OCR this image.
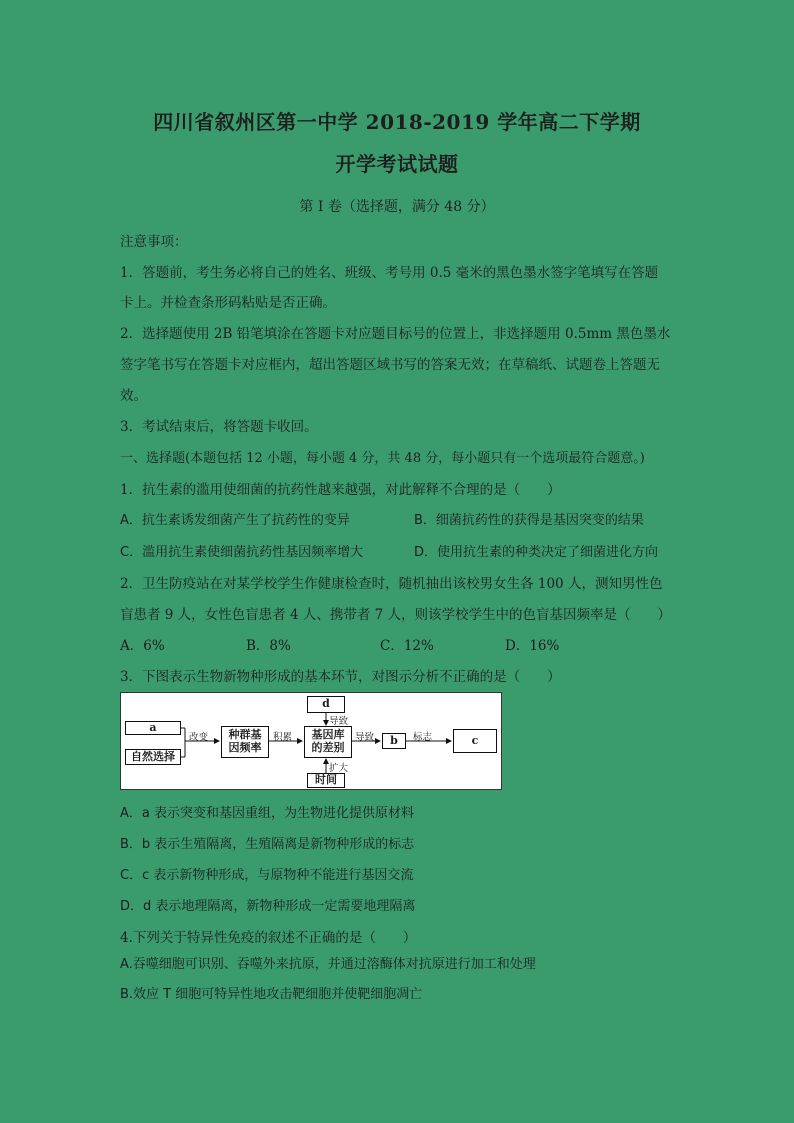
四川省叙州区第一中学 2018-2019 学年高二下学期
开学考试试题
第 I 卷（选择题，满分 48 分）
注意事项：
1．答题前，考生务必将自己的姓名、班级、考号用 0.5 毫米的黑色墨水签字笔填写在答题
卡上。并检查条形码粘贴是否正确。
2．选择题使用 2B 铅笔填涂在答题卡对应题目标号的位置上，非选择题用 0.5mm 黑色墨水
签字笔书写在答题卡对应框内，超出答题区域书写的答案无效；在草稿纸、试题卷上答题无
效。
3．考试结束后，将答题卡收回。
一、选择题(本题包括 12 小题，每小题 4 分，共 48 分，每小题只有一个选项最符合题意。)
1．抗生素的滥用使细菌的抗药性越来越强，对此解释不合理的是（　　）
A．抗生素诱发细菌产生了抗药性的变异	B．细菌抗药性的获得是基因突变的结果
C．滥用抗生素使细菌抗药性基因频率增大	D．使用抗生素的种类决定了细菌进化方向
2．卫生防疫站在对某学校学生作健康检查时，随机抽出该校男女生各 100 人，测知男性色
盲患者 9 人，女性色盲患者 4 人、携带者 7 人，则该学校学生中的色盲基因频率是（　　）
A．6%	B．8%	C．12%	D．16%
3．下图表示生物新物种形成的基本环节，对图示分析不正确的是（　　）
a
自然选择
改变	种群基
因频率
积累	基因库
的差别
导致	b	标志	c
d
导致
时间
扩大
A．a 表示突变和基因重组，为生物进化提供原材料
B．b 表示生殖隔离，生殖隔离是新物种形成的标志
C．c 表示新物种形成，与原物种不能进行基因交流
D．d 表示地理隔离，新物种形成一定需要地理隔离
4.下列关于特异性免疫的叙述不正确的是（　　）
A.吞噬细胞可识别、吞噬外来抗原，并通过溶酶体对抗原进行加工和处理
B.效应 T 细胞可特异性地攻击靶细胞并使靶细胞凋亡
